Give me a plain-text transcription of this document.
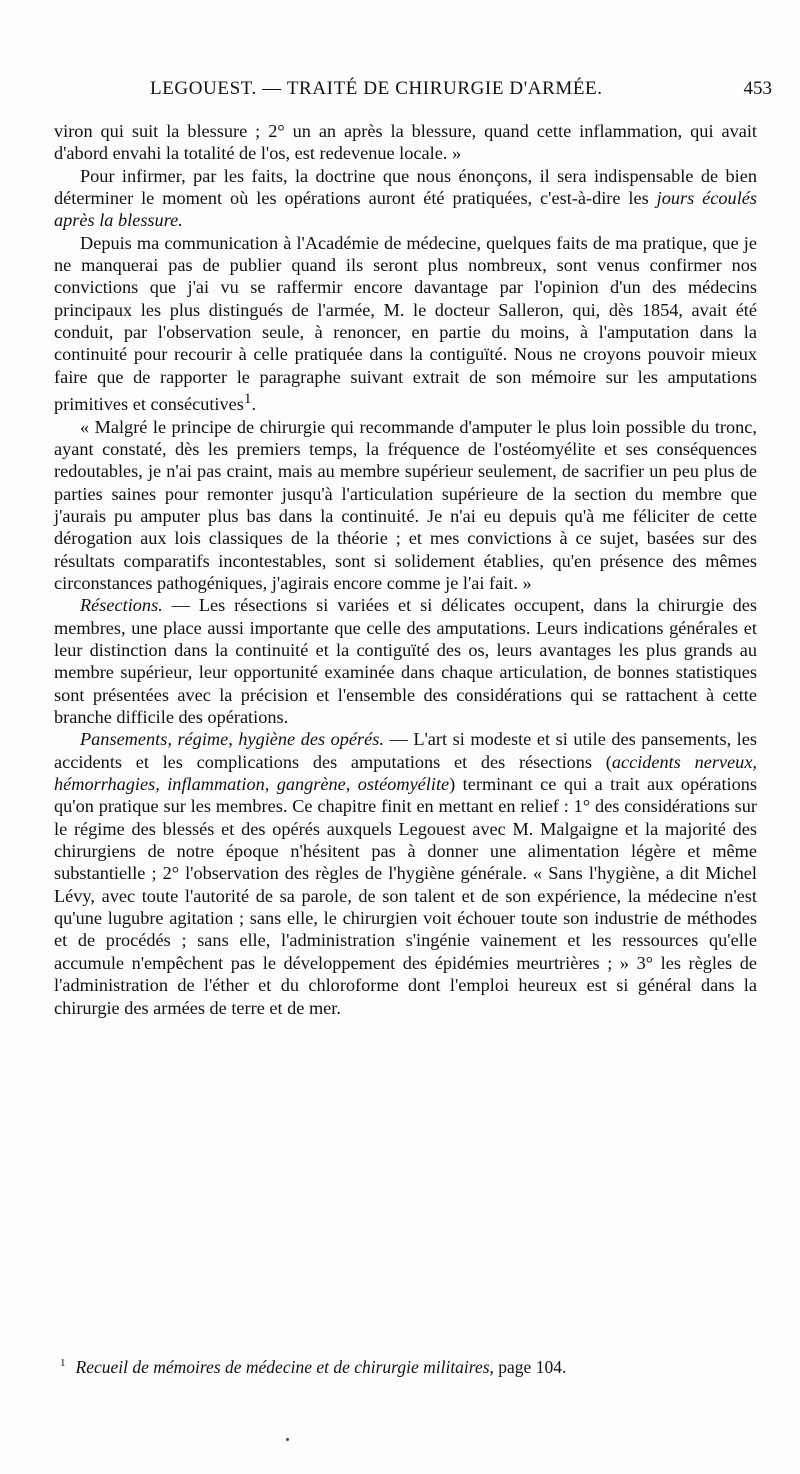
LEGOUEST. — TRAITÉ DE CHIRURGIE D'ARMÉE.	453

viron qui suit la blessure ; 2° un an après la blessure, quand cette inflammation, qui avait d'abord envahi la totalité de l'os, est redevenue locale. »

Pour infirmer, par les faits, la doctrine que nous énonçons, il sera indispensable de bien déterminer le moment où les opérations auront été pratiquées, c'est-à-dire les jours écoulés après la blessure.

Depuis ma communication à l'Académie de médecine, quelques faits de ma pratique, que je ne manquerai pas de publier quand ils seront plus nombreux, sont venus confirmer nos convictions que j'ai vu se raffermir encore davantage par l'opinion d'un des médecins principaux les plus distingués de l'armée, M. le docteur Salleron, qui, dès 1854, avait été conduit, par l'observation seule, à renoncer, en partie du moins, à l'amputation dans la continuité pour recourir à celle pratiquée dans la contiguïté. Nous ne croyons pouvoir mieux faire que de rapporter le paragraphe suivant extrait de son mémoire sur les amputations primitives et consécutives$^1$.

« Malgré le principe de chirurgie qui recommande d'amputer le plus loin possible du tronc, ayant constaté, dès les premiers temps, la fréquence de l'ostéomyélite et ses conséquences redoutables, je n'ai pas craint, mais au membre supérieur seulement, de sacrifier un peu plus de parties saines pour remonter jusqu'à l'articulation supérieure de la section du membre que j'aurais pu amputer plus bas dans la continuité. Je n'ai eu depuis qu'à me féliciter de cette dérogation aux lois classiques de la théorie ; et mes convictions à ce sujet, basées sur des résultats comparatifs incontestables, sont si solidement établies, qu'en présence des mêmes circonstances pathogéniques, j'agirais encore comme je l'ai fait. »

Résections. — Les résections si variées et si délicates occupent, dans la chirurgie des membres, une place aussi importante que celle des amputations. Leurs indications générales et leur distinction dans la continuité et la contiguïté des os, leurs avantages les plus grands au membre supérieur, leur opportunité examinée dans chaque articulation, de bonnes statistiques sont présentées avec la précision et l'ensemble des considérations qui se rattachent à cette branche difficile des opérations.

Pansements, régime, hygiène des opérés. — L'art si modeste et si utile des pansements, les accidents et les complications des amputations et des résections (accidents nerveux, hémorrhagies, inflammation, gangrène, ostéomyélite) terminant ce qui a trait aux opérations qu'on pratique sur les membres. Ce chapitre finit en mettant en relief : 1° des considérations sur le régime des blessés et des opérés auxquels Legouest avec M. Malgaigne et la majorité des chirurgiens de notre époque n'hésitent pas à donner une alimentation légère et même substantielle ; 2° l'observation des règles de l'hygiène générale. « Sans l'hygiène, a dit Michel Lévy, avec toute l'autorité de sa parole, de son talent et de son expérience, la médecine n'est qu'une lugubre agitation ; sans elle, le chirurgien voit échouer toute son industrie de méthodes et de procédés ; sans elle, l'administration s'ingénie vainement et les ressources qu'elle accumule n'empêchent pas le développement des épidémies meurtrières ; » 3° les règles de l'administration de l'éther et du chloroforme dont l'emploi heureux est si général dans la chirurgie des armées de terre et de mer.

$^1$ Recueil de mémoires de médecine et de chirurgie militaires, page 104.
